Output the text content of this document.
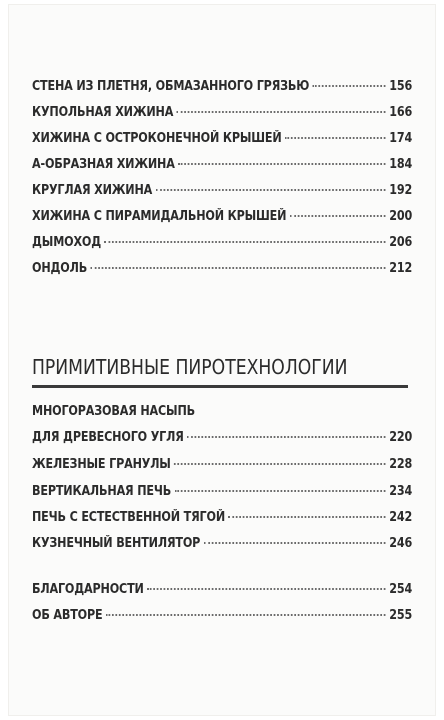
СТЕНА ИЗ ПЛЕТНЯ, ОБМАЗАННОГО ГРЯЗЬЮ	156
КУПОЛЬНАЯ ХИЖИНА	166
ХИЖИНА С ОСТРОКОНЕЧНОЙ КРЫШЕЙ	174
А-ОБРАЗНАЯ ХИЖИНА	184
КРУГЛАЯ ХИЖИНА	192
ХИЖИНА С ПИРАМИДАЛЬНОЙ КРЫШЕЙ	200
ДЫМОХОД	206
ОНДОЛЬ	212
ПРИМИТИВНЫЕ ПИРОТЕХНОЛОГИИ
МНОГОРАЗОВАЯ НАСЫПЬ
ДЛЯ ДРЕВЕСНОГО УГЛЯ	220
ЖЕЛЕЗНЫЕ ГРАНУЛЫ	228
ВЕРТИКАЛЬНАЯ ПЕЧЬ	234
ПЕЧЬ С ЕСТЕСТВЕННОЙ ТЯГОЙ	242
КУЗНЕЧНЫЙ ВЕНТИЛЯТОР	246
БЛАГОДАРНОСТИ	254
ОБ АВТОРЕ	255
